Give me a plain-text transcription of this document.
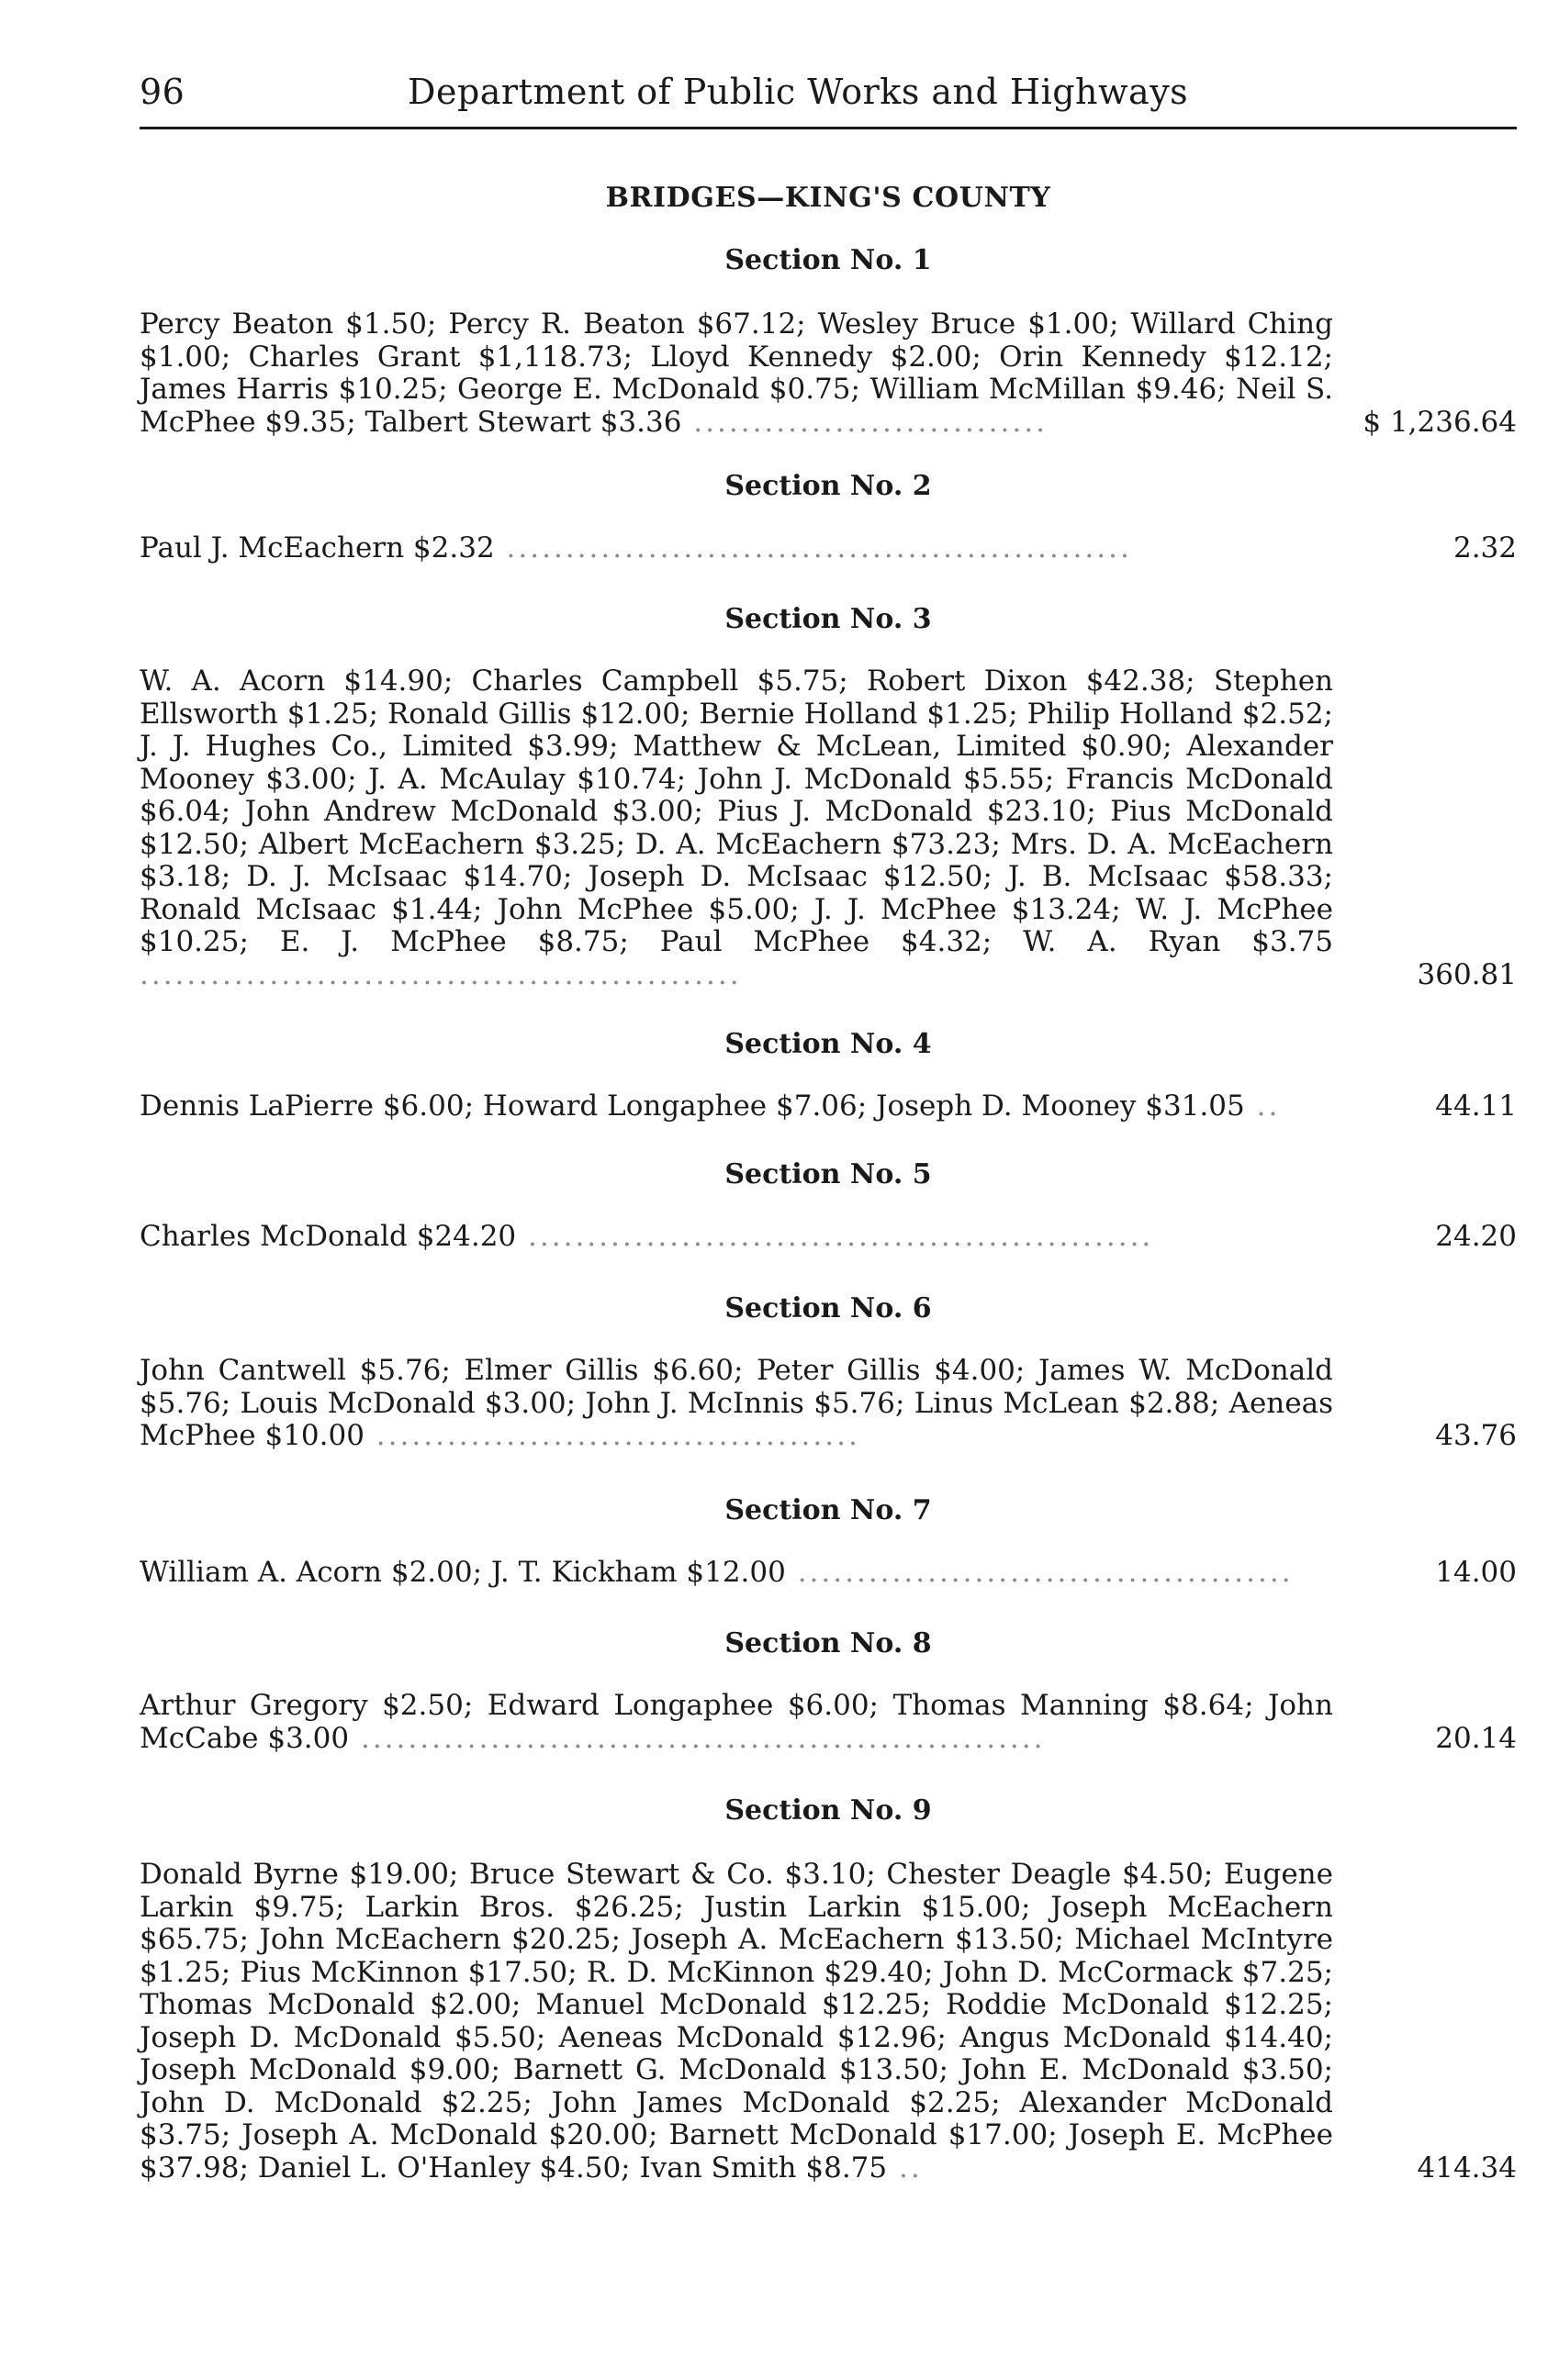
96	Department of Public Works and Highways
BRIDGES—KING'S COUNTY
Section No. 1
Percy Beaton $1.50; Percy R. Beaton $67.12; Wesley Bruce $1.00; Willard Ching $1.00; Charles Grant $1,118.73; Lloyd Kennedy $2.00; Orin Kennedy $12.12; James Harris $10.25; George E. McDonald $0.75; William McMillan $9.46; Neil S. McPhee $9.35; Talbert Stewart $3.36 ..............................	$ 1,236.64
Section No. 2
Paul J. McEachern $2.32 .....................................................	2.32
Section No. 3
W. A. Acorn $14.90; Charles Campbell $5.75; Robert Dixon $42.38; Stephen Ellsworth $1.25; Ronald Gillis $12.00; Bernie Holland $1.25; Philip Holland $2.52; J. J. Hughes Co., Limited $3.99; Matthew & McLean, Limited $0.90; Alexander Mooney $3.00; J. A. McAulay $10.74; John J. McDonald $5.55; Francis McDonald $6.04; John Andrew McDonald $3.00; Pius J. McDonald $23.10; Pius McDonald $12.50; Albert McEachern $3.25; D. A. McEachern $73.23; Mrs. D. A. McEachern $3.18; D. J. McIsaac $14.70; Joseph D. McIsaac $12.50; J. B. McIsaac $58.33; Ronald McIsaac $1.44; John McPhee $5.00; J. J. McPhee $13.24; W. J. McPhee $10.25; E. J. McPhee $8.75; Paul McPhee $4.32; W. A. Ryan $3.75 ...................................................	360.81
Section No. 4
Dennis LaPierre $6.00; Howard Longaphee $7.06; Joseph D. Mooney $31.05 ..	44.11
Section No. 5
Charles McDonald $24.20 .....................................................	24.20
Section No. 6
John Cantwell $5.76; Elmer Gillis $6.60; Peter Gillis $4.00; James W. McDonald $5.76; Louis McDonald $3.00; John J. McInnis $5.76; Linus McLean $2.88; Aeneas McPhee $10.00 .........................................	43.76
Section No. 7
William A. Acorn $2.00; J. T. Kickham $12.00 ..........................................	14.00
Section No. 8
Arthur Gregory $2.50; Edward Longaphee $6.00; Thomas Manning $8.64; John McCabe $3.00 ..........................................................	20.14
Section No. 9
Donald Byrne $19.00; Bruce Stewart & Co. $3.10; Chester Deagle $4.50; Eugene Larkin $9.75; Larkin Bros. $26.25; Justin Larkin $15.00; Joseph McEachern $65.75; John McEachern $20.25; Joseph A. McEachern $13.50; Michael McIntyre $1.25; Pius McKinnon $17.50; R. D. McKinnon $29.40; John D. McCormack $7.25; Thomas McDonald $2.00; Manuel McDonald $12.25; Roddie McDonald $12.25; Joseph D. McDonald $5.50; Aeneas McDonald $12.96; Angus McDonald $14.40; Joseph McDonald $9.00; Barnett G. McDonald $13.50; John E. McDonald $3.50; John D. McDonald $2.25; John James McDonald $2.25; Alexander McDonald $3.75; Joseph A. McDonald $20.00; Barnett McDonald $17.00; Joseph E. McPhee $37.98; Daniel L. O'Hanley $4.50; Ivan Smith $8.75 ..	414.34
